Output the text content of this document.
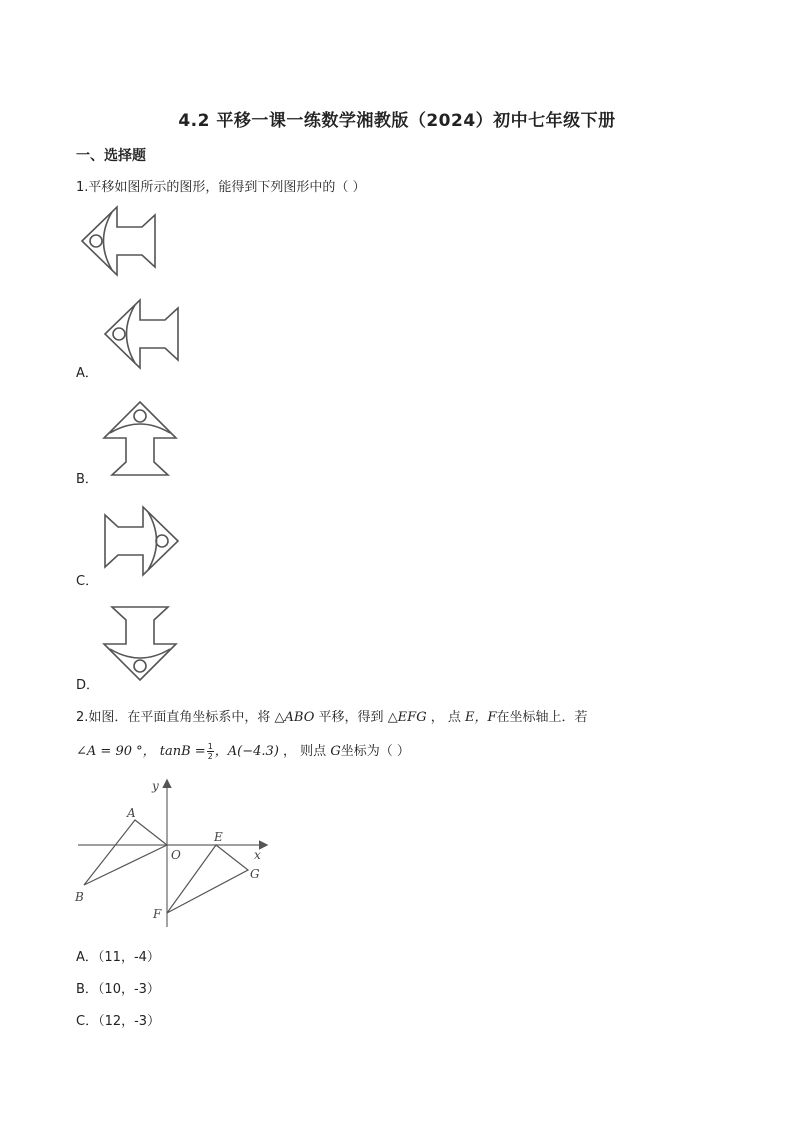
4.2 平移一课一练数学湘教版（2024）初中七年级下册
一、选择题
1.平移如图所示的图形，能得到下列图形中的（ ）
A．
B．
C．
D．
2.如图．在平面直角坐标系中，将 △ABO 平移，得到 △EFG ， 点 E，F在坐标轴上．若
∠A = 90 °， $\tan B = \frac{1}{2}$ ，A(−4.3) ， 则点 G坐标为（ ）
y
x
A
B
O
E
F
G
A．（11，-4）
B．（10，-3）
C．（12，-3）
